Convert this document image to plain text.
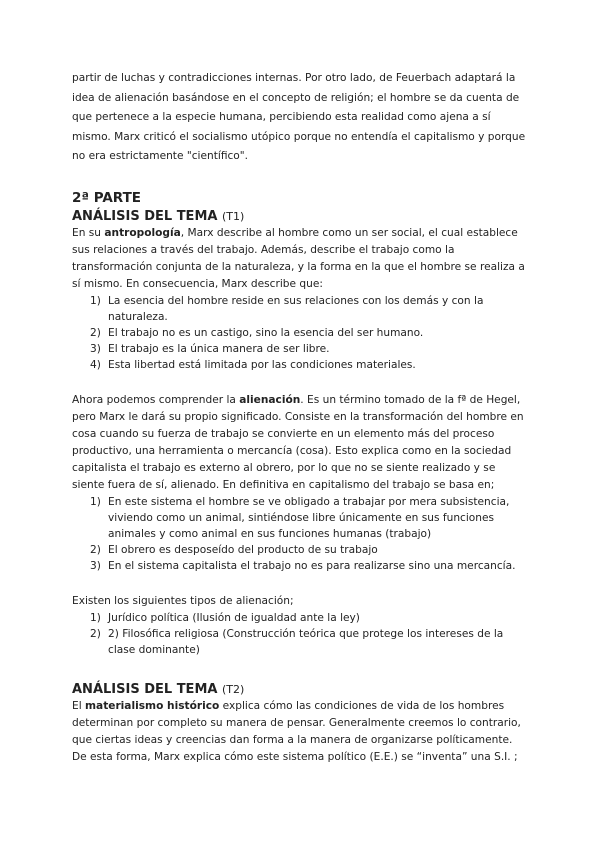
partir de luchas y contradicciones internas. Por otro lado, de Feuerbach adaptará la idea de alienación basándose en el concepto de religión; el hombre se da cuenta de que pertenece a la especie humana, percibiendo esta realidad como ajena a sí mismo. Marx criticó el socialismo utópico porque no entendía el capitalismo y porque no era estrictamente "científico".

2ª PARTE
ANÁLISIS DEL TEMA (T1)

En su antropología, Marx describe al hombre como un ser social, el cual establece sus relaciones a través del trabajo. Además, describe el trabajo como la transformación conjunta de la naturaleza, y la forma en la que el hombre se realiza a sí mismo. En consecuencia, Marx describe que:

1) La esencia del hombre reside en sus relaciones con los demás y con la naturaleza.
2) El trabajo no es un castigo, sino la esencia del ser humano.
3) El trabajo es la única manera de ser libre.
4) Esta libertad está limitada por las condiciones materiales.

Ahora podemos comprender la alienación. Es un término tomado de la fª de Hegel, pero Marx le dará su propio significado. Consiste en la transformación del hombre en cosa cuando su fuerza de trabajo se convierte en un elemento más del proceso productivo, una herramienta o mercancía (cosa). Esto explica como en la sociedad capitalista el trabajo es externo al obrero, por lo que no se siente realizado y se siente fuera de sí, alienado. En definitiva en capitalismo del trabajo se basa en;

1) En este sistema el hombre se ve obligado a trabajar por mera subsistencia, viviendo como un animal, sintiéndose libre únicamente en sus funciones animales y como animal en sus funciones humanas (trabajo)
2) El obrero es desposeído del producto de su trabajo
3) En el sistema capitalista el trabajo no es para realizarse sino una mercancía.

Existen los siguientes tipos de alienación;

1) Jurídico política (Ilusión de igualdad ante la ley)
2) 2) Filosófica religiosa (Construcción teórica que protege los intereses de la clase dominante)
ANÁLISIS DEL TEMA (T2)

El materialismo histórico explica cómo las condiciones de vida de los hombres determinan por completo su manera de pensar. Generalmente creemos lo contrario, que ciertas ideas y creencias dan forma a la manera de organizarse políticamente. De esta forma, Marx explica cómo este sistema político (E.E.) se “inventa” una S.I. ;
